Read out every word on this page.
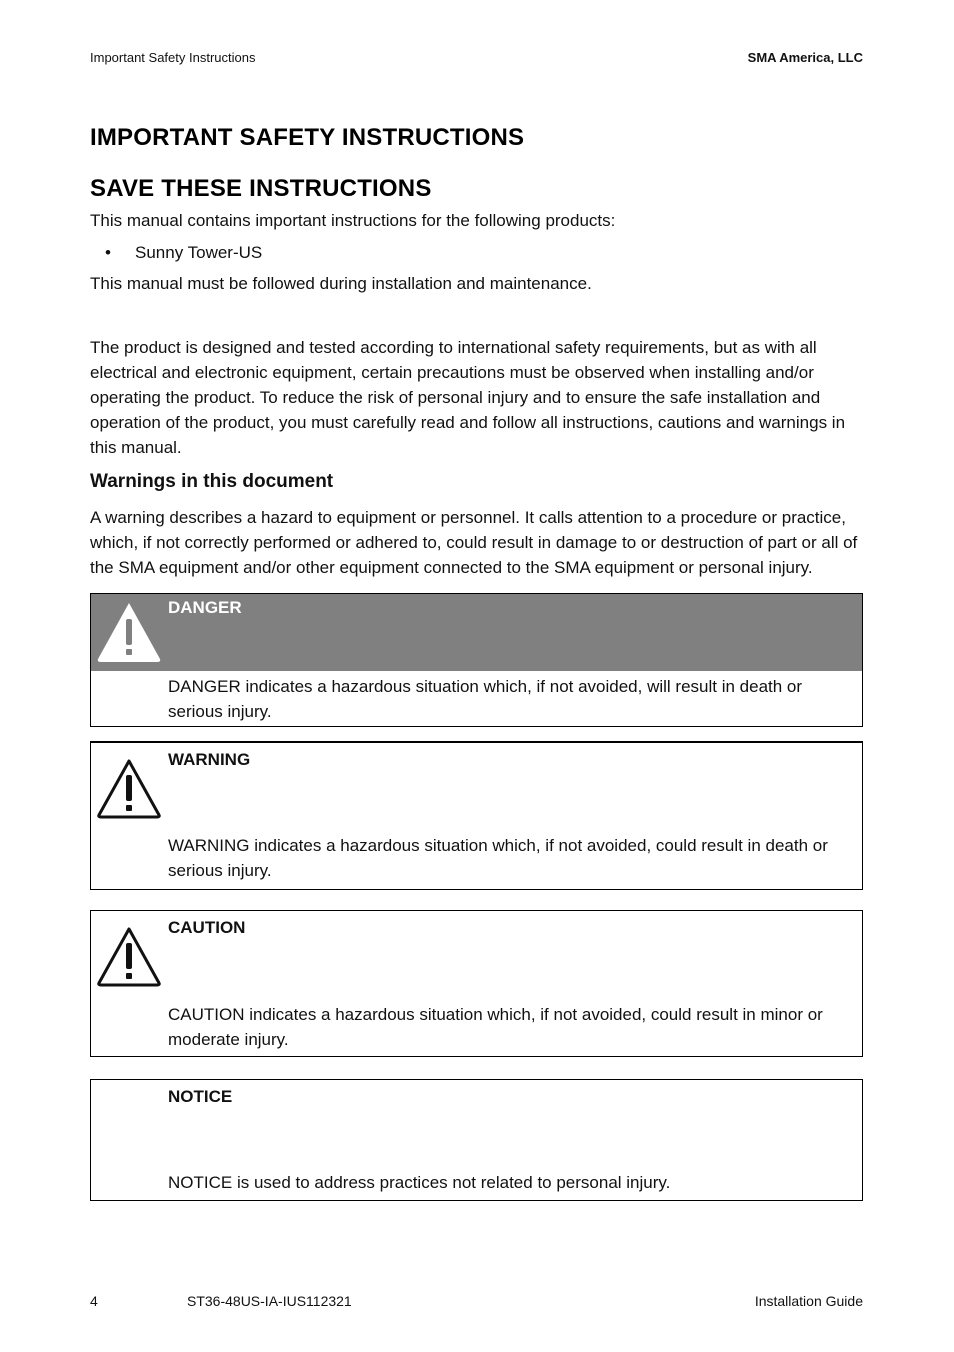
Important Safety Instructions	SMA America, LLC
IMPORTANT SAFETY INSTRUCTIONS
SAVE THESE INSTRUCTIONS

This manual contains important instructions for the following products:

• Sunny Tower-US

This manual must be followed during installation and maintenance.

The product is designed and tested according to international safety requirements, but as with all electrical and electronic equipment, certain precautions must be observed when installing and/or operating the product. To reduce the risk of personal injury and to ensure the safe installation and operation of the product, you must carefully read and follow all instructions, cautions and warnings in this manual.

Warnings in this document

A warning describes a hazard to equipment or personnel. It calls attention to a procedure or practice, which, if not correctly performed or adhered to, could result in damage to or destruction of part or all of the SMA equipment and/or other equipment connected to the SMA equipment or personal injury.

DANGER
DANGER indicates a hazardous situation which, if not avoided, will result in death or serious injury.
WARNING
WARNING indicates a hazardous situation which, if not avoided, could result in death or serious injury.
CAUTION
CAUTION indicates a hazardous situation which, if not avoided, could result in minor or moderate injury.
NOTICE
NOTICE is used to address practices not related to personal injury.
4	ST36-48US-IA-IUS112321	Installation Guide
